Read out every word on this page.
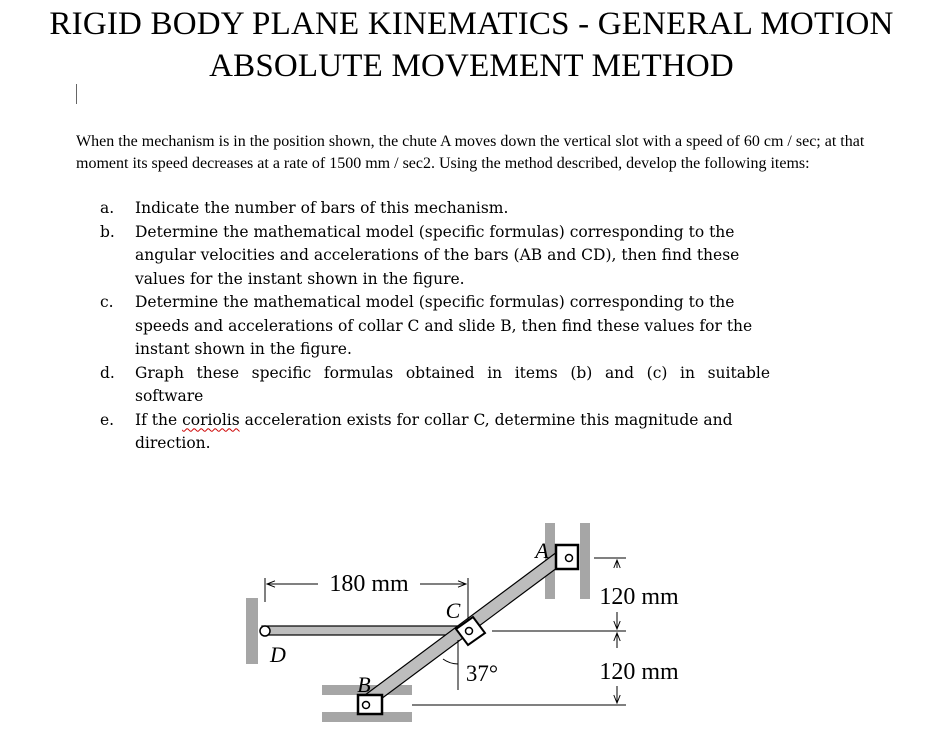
RIGID BODY PLANE KINEMATICS - GENERAL MOTION
ABSOLUTE MOVEMENT METHOD
When the mechanism is in the position shown, the chute A moves down the vertical slot with a speed of 60 cm / sec; at that moment its speed decreases at a rate of 1500 mm / sec2. Using the method described, develop the following items:
a.	Indicate the number of bars of this mechanism.
b.	Determine the mathematical model (specific formulas) corresponding to the angular velocities and accelerations of the bars (AB and CD), then find these values for the instant shown in the figure.
c.	Determine the mathematical model (specific formulas) corresponding to the speeds and accelerations of collar C and slide B, then find these values for the instant shown in the figure.
d.	Graph these specific formulas obtained in items (b) and (c) in suitable
software
e.	If the coriolis acceleration exists for collar C, determine this magnitude and direction.
A
C
D
B
180 mm	120 mm
120 mm
37°
